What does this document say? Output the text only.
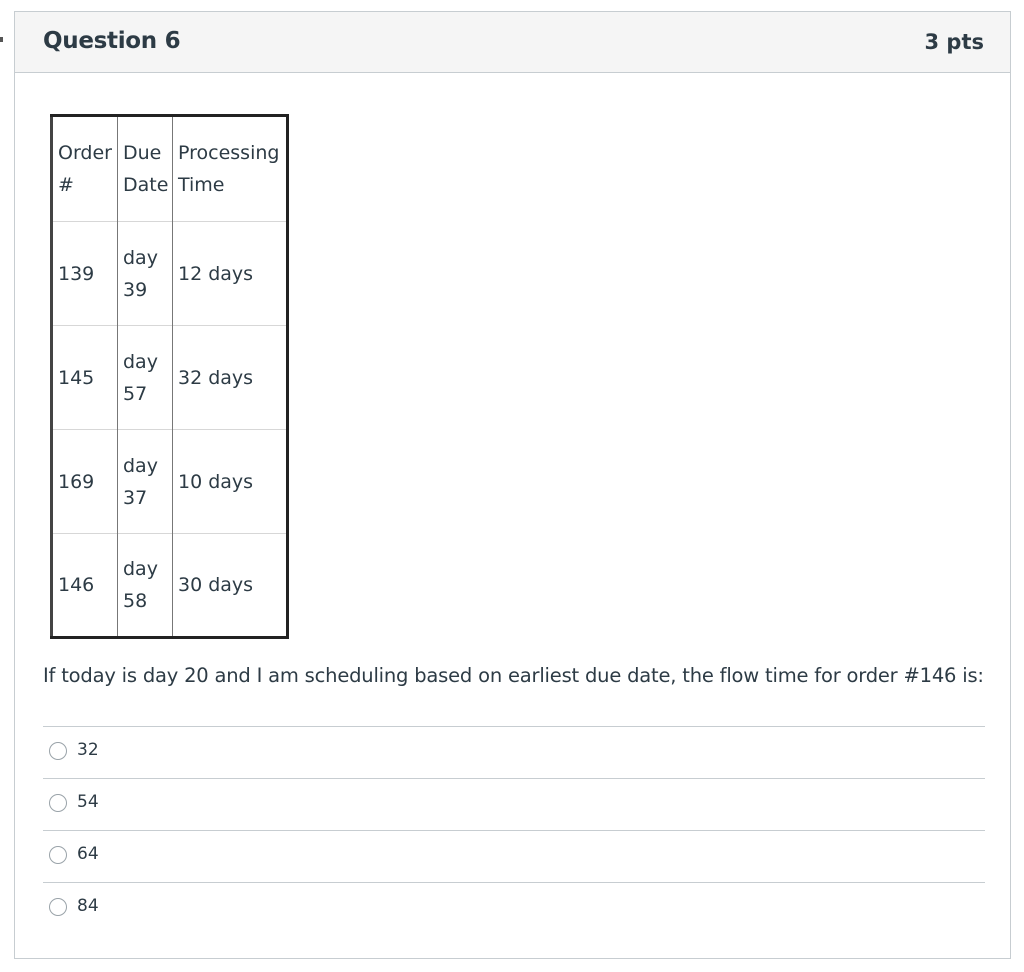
Question 6	3 pts
Order #	Due Date	Processing Time
139	day 39	12 days
145	day 57	32 days
169	day 37	10 days
146	day 58	30 days
If today is day 20 and I am scheduling based on earliest due date, the flow time for order #146 is:
32
54
64
84
